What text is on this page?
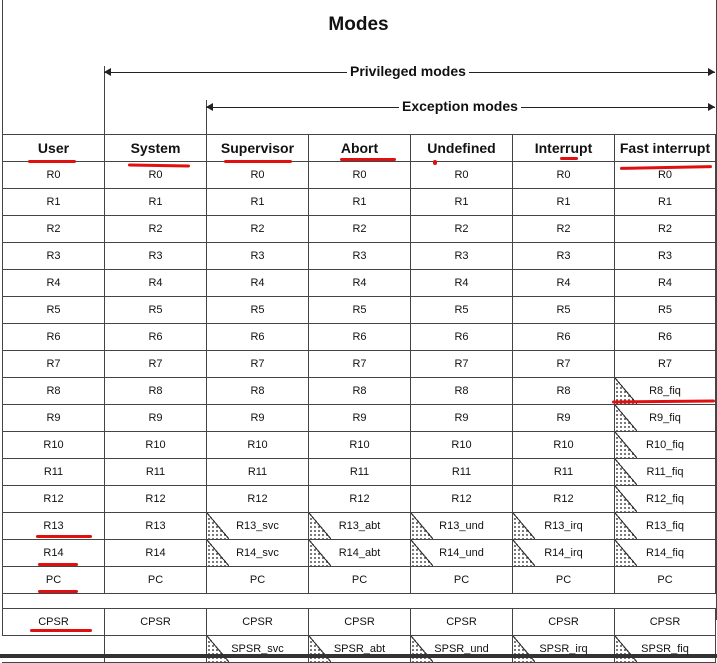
Modes
Privileged modes
Exception modes
User	System	Supervisor	Abort	Undefined	Interrupt	Fast interrupt
R0	R0	R0	R0	R0	R0	R0
R1	R1	R1	R1	R1	R1	R1
R2	R2	R2	R2	R2	R2	R2
R3	R3	R3	R3	R3	R3	R3
R4	R4	R4	R4	R4	R4	R4
R5	R5	R5	R5	R5	R5	R5
R6	R6	R6	R6	R6	R6	R6
R7	R7	R7	R7	R7	R7	R7
R8	R8	R8	R8	R8	R8	R8_fiq
R9	R9	R9	R9	R9	R9	R9_fiq
R10	R10	R10	R10	R10	R10	R10_fiq
R11	R11	R11	R11	R11	R11	R11_fiq
R12	R12	R12	R12	R12	R12	R12_fiq
R13	R13	R13_svc	R13_abt	R13_und	R13_irq	R13_fiq
R14	R14	R14_svc	R14_abt	R14_und	R14_irq	R14_fiq
PC	PC	PC	PC	PC	PC	PC
CPSR	CPSR	CPSR	CPSR	CPSR	CPSR	CPSR
		SPSR_svc	SPSR_abt	SPSR_und	SPSR_irq	SPSR_fiq
